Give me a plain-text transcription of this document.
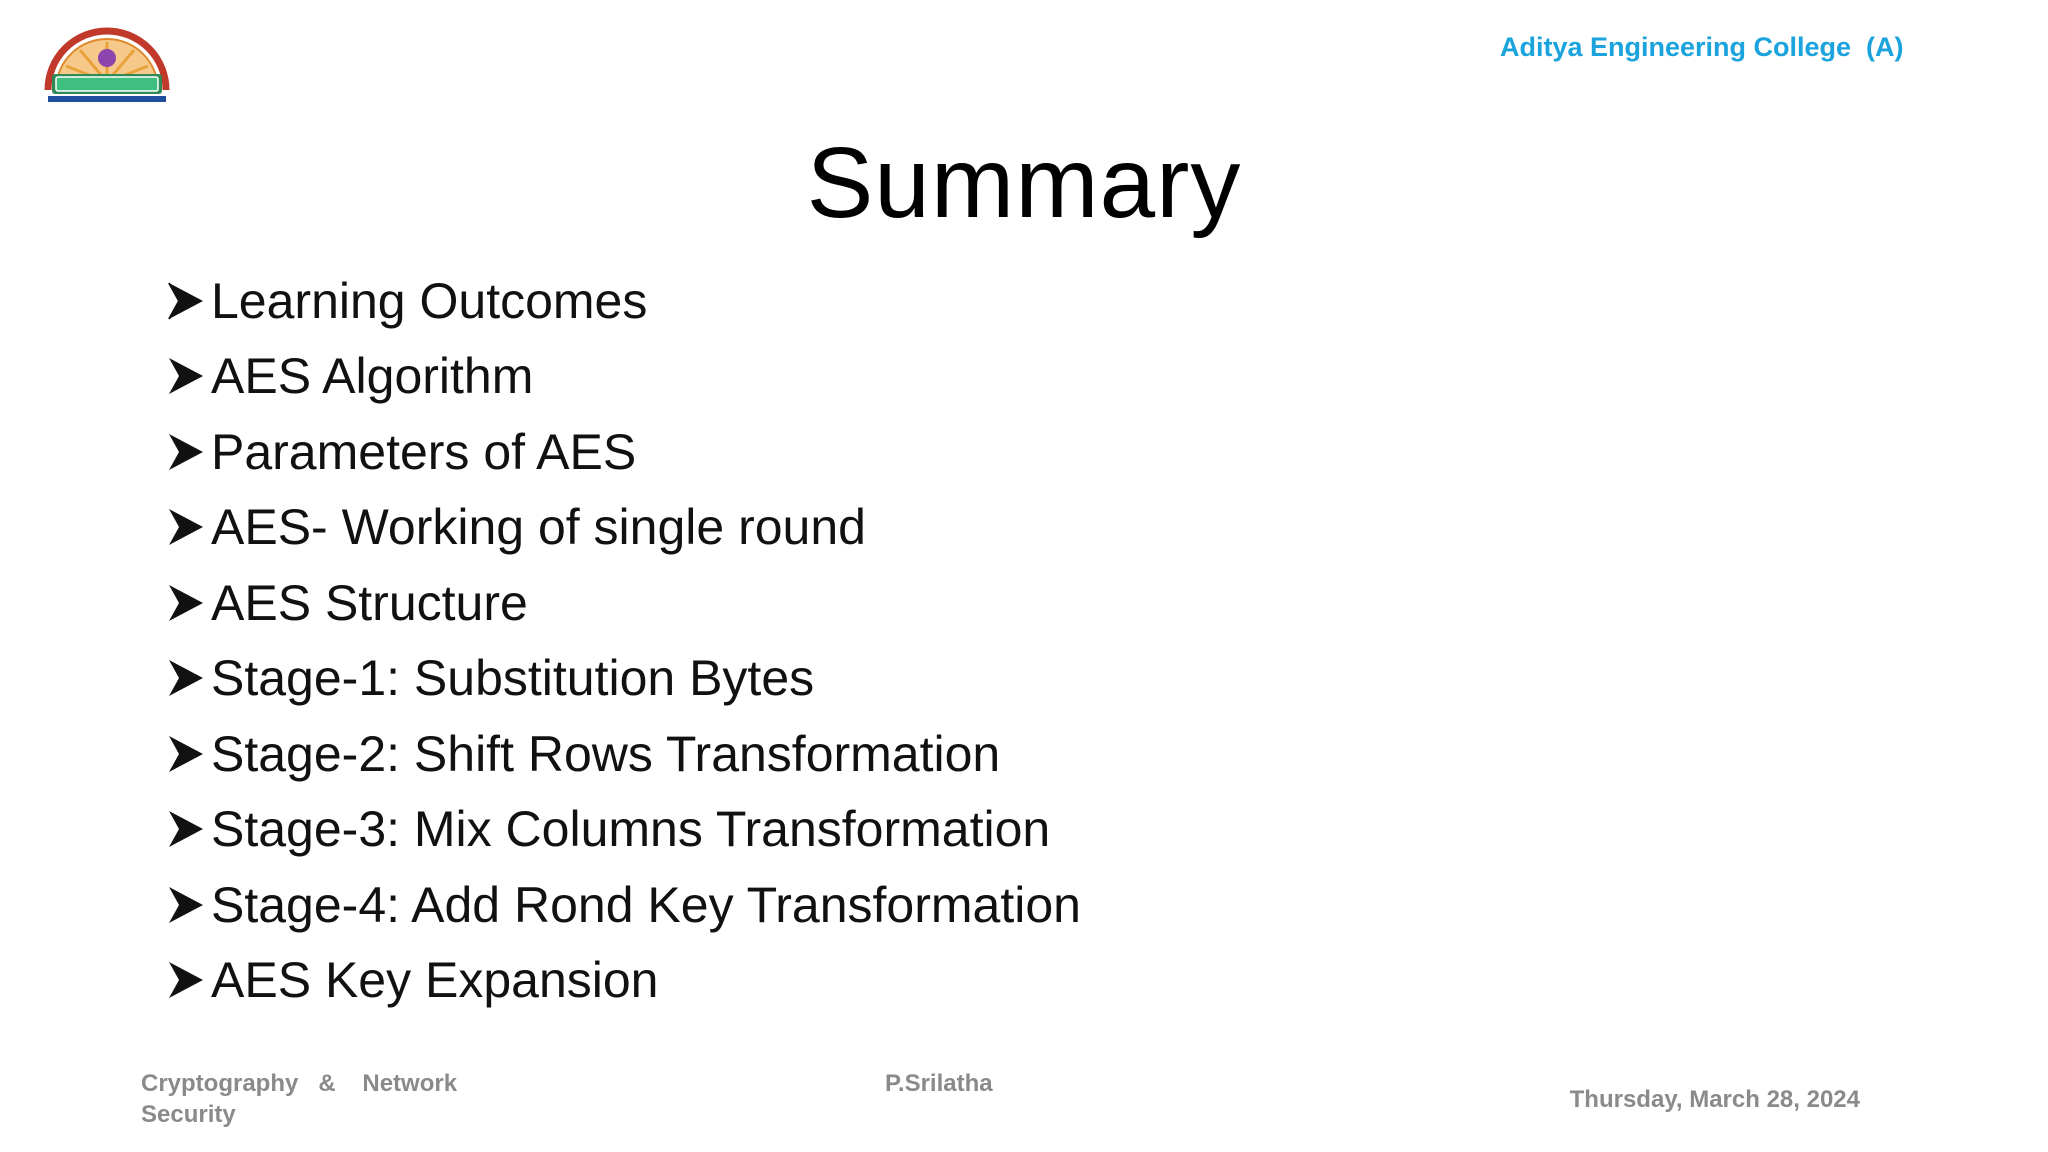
Aditya Engineering College  (A)
Summary
Learning Outcomes
AES Algorithm
Parameters of AES
AES- Working of single round
AES Structure
Stage-1: Substitution Bytes
Stage-2: Shift Rows Transformation
Stage-3: Mix Columns Transformation
Stage-4: Add Rond Key Transformation
AES Key Expansion
Cryptography   &    Network
Security
P.Srilatha
Thursday, March 28, 2024
